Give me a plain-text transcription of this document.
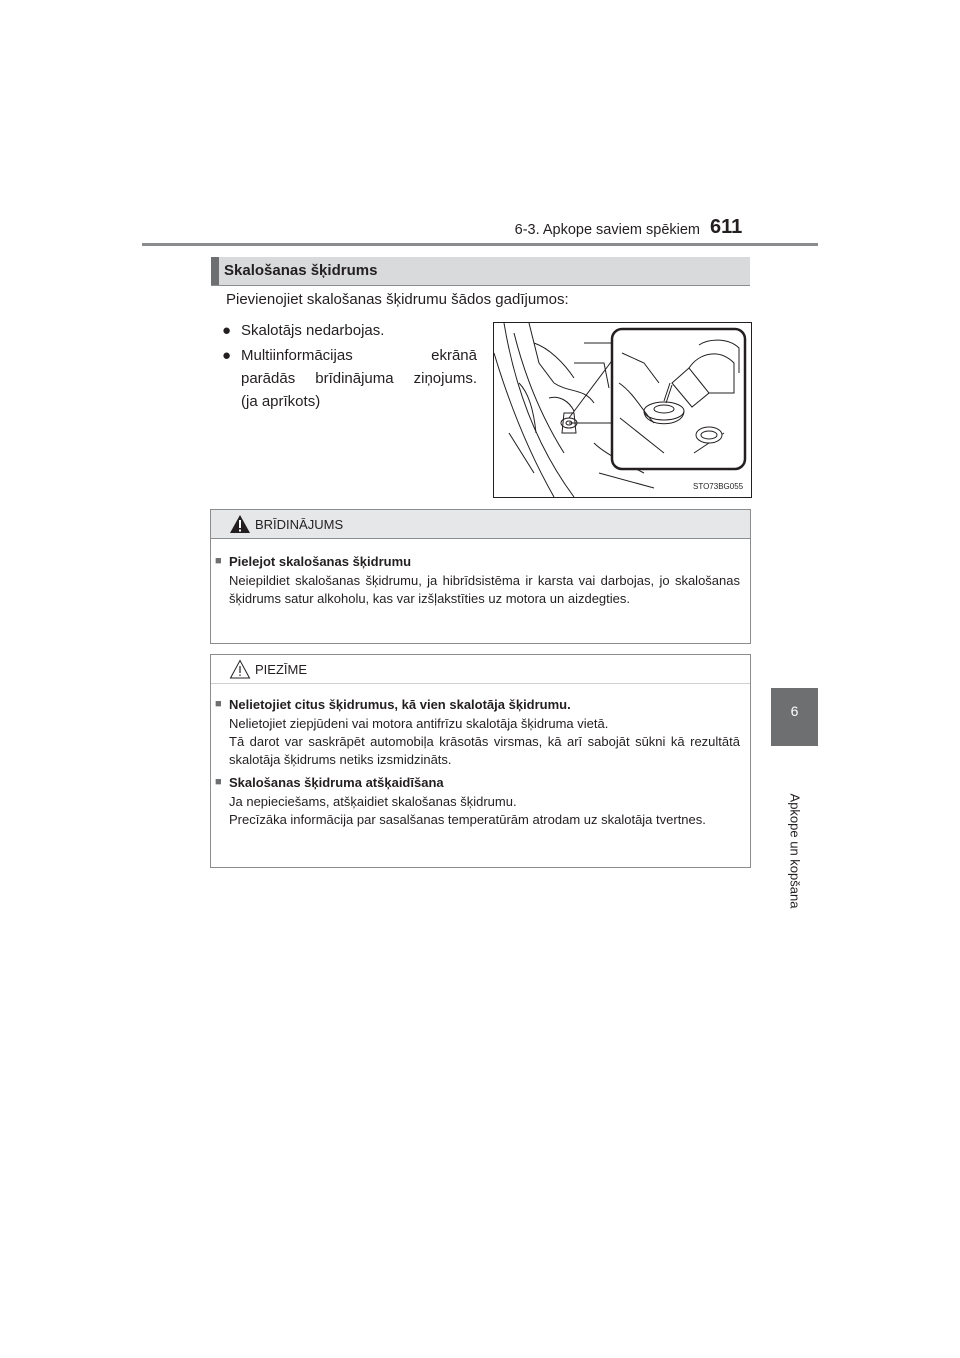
6-3. Apkope saviem spēkiem 611
6
Apkope un kopšana
Skalošanas šķidrums
Pievienojiet skalošanas šķidrumu šādos gadījumos:
● Skalotājs nedarbojas.
● Multiinformācijas ekrānā
parādās brīdinājuma ziņojums.
(ja aprīkots)
STO73BG055
BRĪDINĀJUMS
■ Pielejot skalošanas šķidrumu
Neiepildiet skalošanas šķidrumu, ja hibrīdsistēma ir karsta vai darbojas, jo skalošanas šķidrums satur alkoholu, kas var izšļakstīties uz motora un aizdegties.
PIEZĪME
■ Nelietojiet citus šķidrumus, kā vien skalotāja šķidrumu.
Nelietojiet ziepjūdeni vai motora antifrīzu skalotāja šķidruma vietā.
Tā darot var saskrāpēt automobiļa krāsotās virsmas, kā arī sabojāt sūkni kā rezultātā skalotāja šķidrums netiks izsmidzināts.
■ Skalošanas šķidruma atšķaidīšana
Ja nepieciešams, atšķaidiet skalošanas šķidrumu.
Precīzāka informācija par sasalšanas temperatūrām atrodam uz skalotāja tvertnes.
